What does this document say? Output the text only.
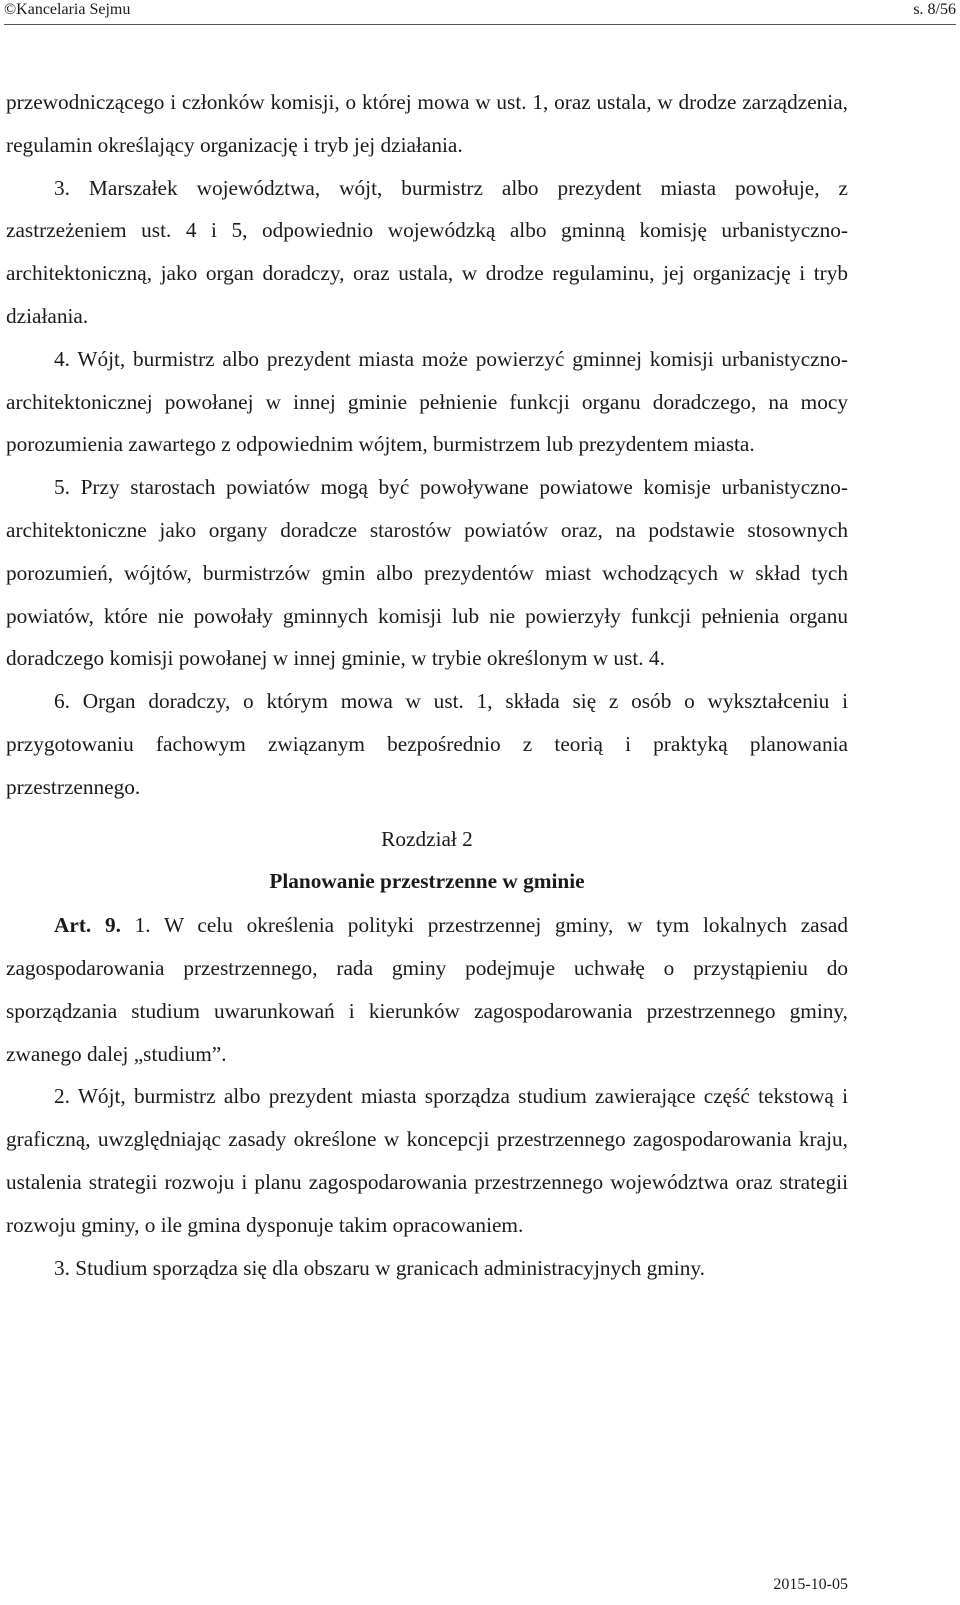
©Kancelaria Sejmu	s. 8/56

przewodniczącego i członków komisji, o której mowa w ust. 1, oraz ustala, w drodze zarządzenia, regulamin określający organizację i tryb jej działania.

3. Marszałek województwa, wójt, burmistrz albo prezydent miasta powołuje, z zastrzeżeniem ust. 4 i 5, odpowiednio wojewódzką albo gminną komisję urbanistyczno-architektoniczną, jako organ doradczy, oraz ustala, w drodze regulaminu, jej organizację i tryb działania.

4. Wójt, burmistrz albo prezydent miasta może powierzyć gminnej komisji urbanistyczno-architektonicznej powołanej w innej gminie pełnienie funkcji organu doradczego, na mocy porozumienia zawartego z odpowiednim wójtem, burmistrzem lub prezydentem miasta.

5. Przy starostach powiatów mogą być powoływane powiatowe komisje urbanistyczno-architektoniczne jako organy doradcze starostów powiatów oraz, na podstawie stosownych porozumień, wójtów, burmistrzów gmin albo prezydentów miast wchodzących w skład tych powiatów, które nie powołały gminnych komisji lub nie powierzyły funkcji pełnienia organu doradczego komisji powołanej w innej gminie, w trybie określonym w ust. 4.

6. Organ doradczy, o którym mowa w ust. 1, składa się z osób o wykształceniu i przygotowaniu fachowym związanym bezpośrednio z teorią i praktyką planowania przestrzennego.

Rozdział 2
Planowanie przestrzenne w gminie

Art. 9. 1. W celu określenia polityki przestrzennej gminy, w tym lokalnych zasad zagospodarowania przestrzennego, rada gminy podejmuje uchwałę o przystąpieniu do sporządzania studium uwarunkowań i kierunków zagospodarowania przestrzennego gminy, zwanego dalej „studium”.

2. Wójt, burmistrz albo prezydent miasta sporządza studium zawierające część tekstową i graficzną, uwzględniając zasady określone w koncepcji przestrzennego zagospodarowania kraju, ustalenia strategii rozwoju i planu zagospodarowania przestrzennego województwa oraz strategii rozwoju gminy, o ile gmina dysponuje takim opracowaniem.

3. Studium sporządza się dla obszaru w granicach administracyjnych gminy.

2015-10-05
